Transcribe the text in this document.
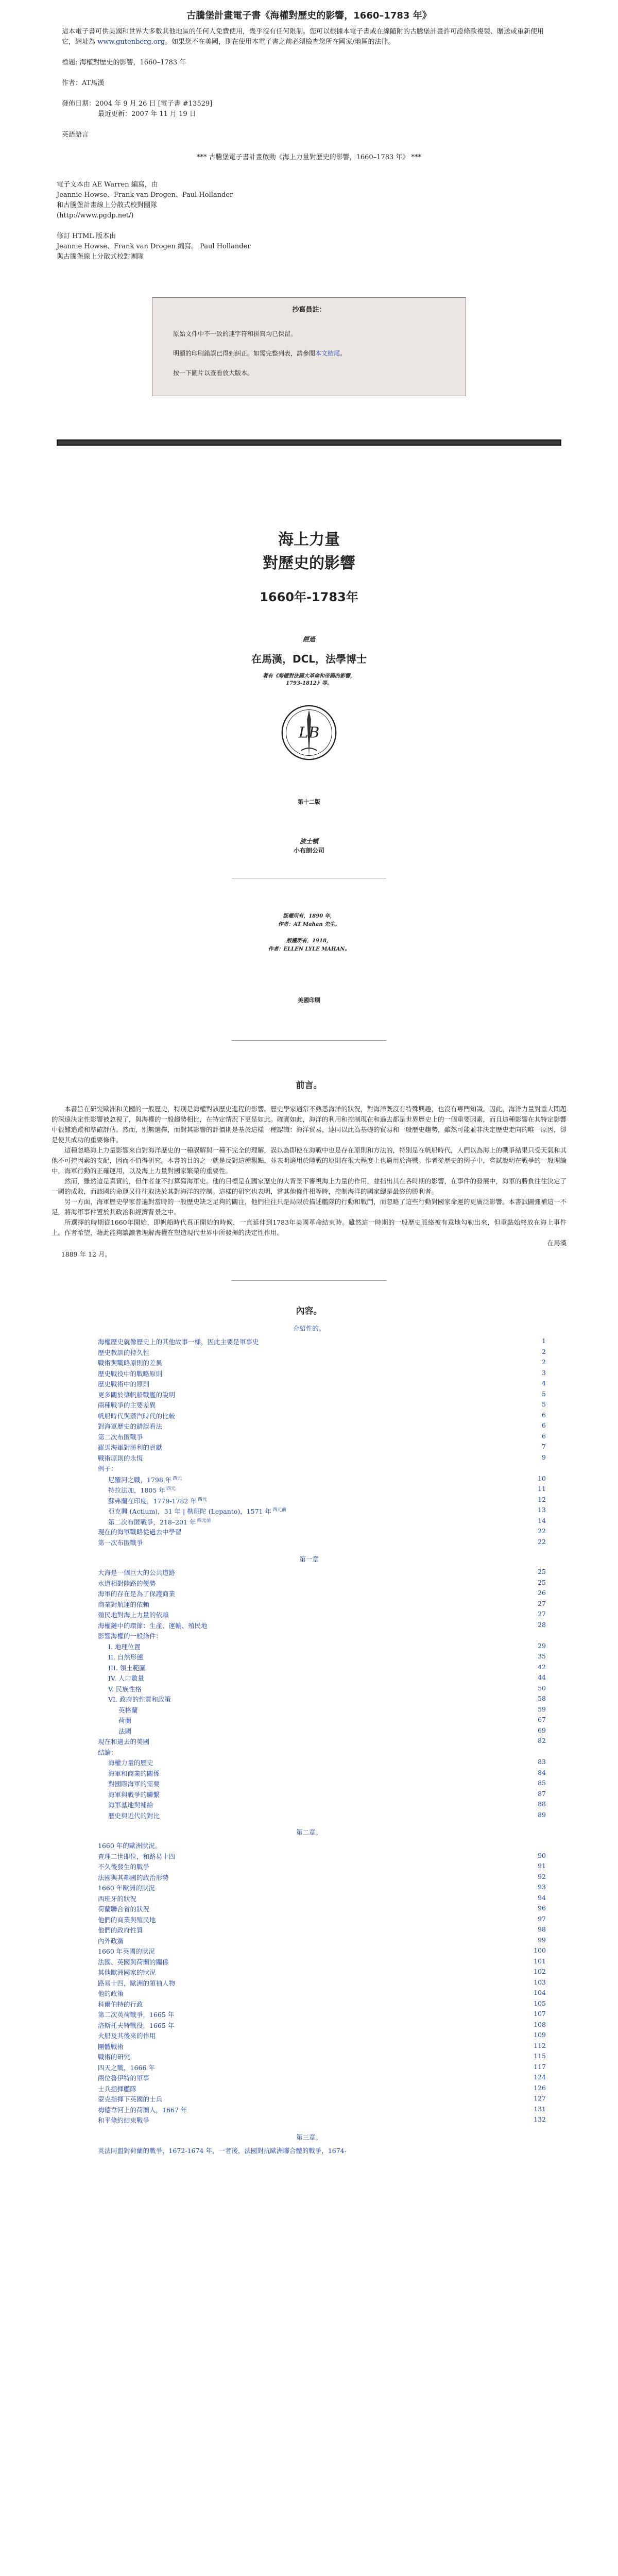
古騰堡計畫電子書《海權對歷史的影響，1660–1783 年》

這本電子書可供美國和世界大多數其他地區的任何人免費使用，幾乎沒有任何限制。您可以根據本電子書或在線隨附的古騰堡計畫許可證條款複製、贈送或重新使用它，網址為 www.gutenberg.org。如果您不在美國，則在使用本電子書之前必須檢查您所在國家/地區的法律。

標題: 海權對歷史的影響，1660–1783 年

作者：AT馬漢

發佈日期：2004 年 9 月 26 日 [電子書 #13529]

最近更新：2007 年 11 月 19 日

英語語言

*** 古騰堡電子書計畫啟動《海上力量對歷史的影響，1660–1783 年》 ***

電子文本由 AE Warren 編寫，由

Jeannie Howse、Frank van Drogen、Paul Hollander

和古騰堡計畫線上分散式校對團隊

(http://www.pgdp.net/)

修訂 HTML 版本由

Jeannie Howse、Frank van Drogen 編寫。 Paul Hollander

與古騰堡線上分散式校對團隊

抄寫員註：

原始文件中不一致的連字符和拼寫均已保留。

明顯的印刷錯誤已得到糾正。如需完整列表，請參閱本文結尾。

按一下圖片以查看放大版本。

海上力量
對歷史的影響
1660年-1783年
經過
在馬漢，DCL，法學博士
著有《海權對法國大革命和帝國的影響，
1793-1812》等。
LB
第十二版
波士頓
小布朗公司
版權所有，1890 年，
作者：AT Mahan 先生。
版權所有，1918，
作者：ELLEN LYLE MAHAN。
美國印刷
前言。

本書旨在研究歐洲和美國的一般歷史，特別是海權對該歷史進程的影響。歷史學家通常不熟悉海洋的狀況，對海洋既沒有特殊興趣，也沒有專門知識。因此，海洋力量對重大問題的深遠決定性影響被忽視了，與海權的一般趨勢相比，在特定情況下更是如此。確實如此，海洋的利用和控制現在和過去都是世界歷史上的一個重要因素，而且這種影響在其特定影響中很難追蹤和準確評估。然而，別無選擇，而對其影響的評價則是基於這樣一種認識：海洋貿易，連同以此為基礎的貿易和一般歷史趨勢，雖然可能並非決定歷史走向的唯一原因，卻是使其成功的重要條件。

這種忽略海上力量影響來自對海洋歷史的一種誤解與一種不完全的理解，誤以為即使在海戰中也是存在原則和方法的，特別是在帆船時代，人們以為海上的戰爭結果只受天氣和其他不可控因素的支配，因而不值得研究。本書的目的之一就是反對這種觀點，並表明適用於陸戰的原則在很大程度上也適用於海戰。作者從歷史的例子中，嘗試說明在戰爭的一般理論中，海軍行動的正確運用，以及海上力量對國家繁榮的重要性。

然而，雖然這是真實的，但作者並不打算寫海軍史。他的目標是在國家歷史的大背景下審視海上力量的作用，並指出其在各時期的影響，在事件的發展中，海軍的勝負往往決定了一國的成敗，而該國的命運又往往取決於其對海洋的控制。這樣的研究也表明，當其他條件相等時，控制海洋的國家總是最終的勝利者。

另一方面，海軍歷史學家普遍對當時的一般歷史缺乏足夠的關注，他們往往只是局限於描述艦隊的行動和戰鬥，而忽略了這些行動對國家命運的更廣泛影響。本書試圖彌補這一不足，將海軍事件置於其政治和經濟背景之中。

所選擇的時期從1660年開始，即帆船時代真正開始的時候，一直延伸到1783年美國革命結束時。雖然這一時期的一般歷史脈絡被有意地勾勒出來，但重點始終放在海上事件上。作者希望，藉此能夠讓讀者理解海權在塑造現代世界中所發揮的決定性作用。

在馬漢

1889 年 12 月。

內容。
介紹性的。
海權歷史就像歷史上的其他故事一樣，因此主要是軍事史	1
歷史教訓的持久性	2
戰術與戰略原則的差異	2
歷史戰役中的戰略原則	3
歷史戰術中的原則	4
更多關於槳帆船戰艦的說明	5
兩種戰爭的主要差異	5
帆船時代與蒸汽時代的比較	6
對海軍歷史的錯誤看法	6
第二次布匿戰爭	6
羅馬海軍對勝利的貢獻	7
戰術原則的永恆	9
例子：
尼羅河之戰，1798 年 $^{西元}$	10
特拉法加，1805 年 $^{西元}$	11
蘇弗蘭在印度，1779-1782 年 $^{西元}$	12
亞克興 (Actium)，31 年 | 勒班陀 (Lepanto)，1571 年 $^{西元前}$	13
第二次布匿戰爭，218–201 年 $^{西元前}$	14
現在的海軍戰略從過去中學習	22
第一次布匿戰爭	22
第一章
大海是一個巨大的公共道路	25
水道相對陸路的優勢	25
海軍的存在是為了保護商業	26
商業對航運的依賴	27
殖民地對海上力量的依賴	27
海權鏈中的環節：生產、運輸、殖民地	28
影響海權的一般條件：
I. 地理位置	29
II. 自然形態	35
III. 領土範圍	42
IV. 人口數量	44
V. 民族性格	50
VI. 政府的性質和政策	58
英格蘭	59
荷蘭	67
法國	69
現在和過去的美國	82
結論：
海權力量的歷史	83
海軍和商業的關係	84
對國際海軍的需要	85
海軍與戰爭的聯繫	87
海軍基地與補給	88
歷史與近代的對比	89
第二章。
1660 年的歐洲狀況。
查理二世即位，和路易十四	90
不久後發生的戰爭	91
法國與其鄰國的政治形勢	92
1660 年歐洲的狀況	93
西班牙的狀況	94
荷蘭聯合省的狀況	96
他們的商業與殖民地	97
他們的政府性質	98
內外政黨	99
1660 年英國的狀況	100
法國、英國與荷蘭的關係	101
其他歐洲國家的狀況	102
路易十四，歐洲的領袖人物	103
他的政策	104
科爾伯特的行政	105
第二次英荷戰爭，1665 年	107
洛斯托夫特戰役，1665 年	108
火船及其後來的作用	109
團體戰術	112
戰術的研究	115
四天之戰，1666 年	117
兩位魯伊特的軍事	124
士兵指揮艦隊	126
蒙克指揮下英國的士兵	127
梅德韋河上的荷蘭人，1667 年	131
和平條約結束戰爭	132
第三章。
英法同盟對荷蘭的戰爭，1672-1674 年，一者後，法國對抗歐洲聯合體的戰爭，1674-
